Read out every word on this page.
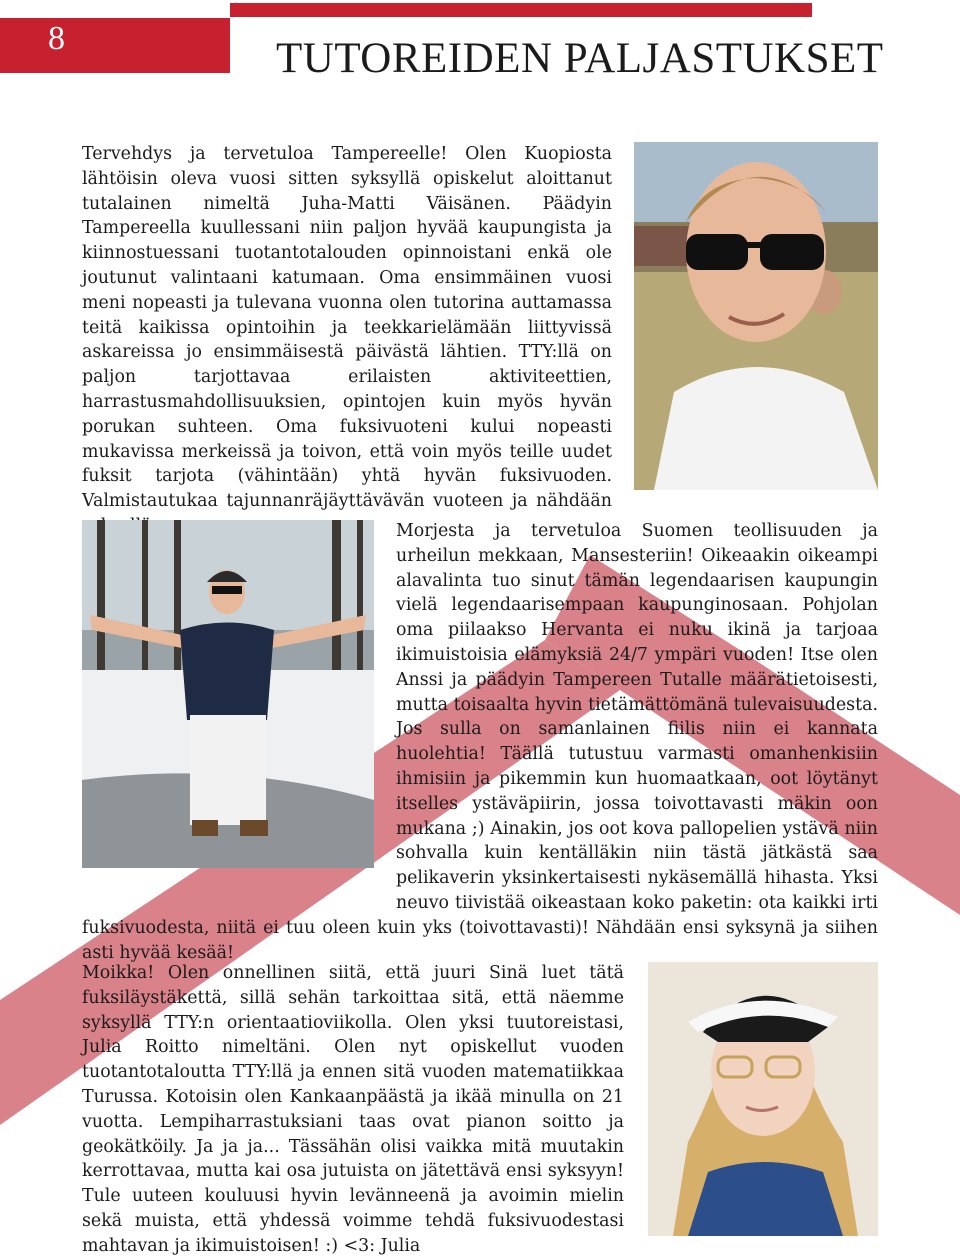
8	TUTOREIDEN PALJASTUKSET

Tervehdys ja tervetuloa Tampereelle! Olen Kuopiosta lähtöisin oleva vuosi sitten syksyllä opiskelut aloittanut tutalainen nimeltä Juha-Matti Väisänen. Päädyin Tampereella kuullessani niin paljon hyvää kaupungista ja kiinnostuessani tuotantotalouden opinnoistani enkä ole joutunut valintaani katumaan. Oma ensimmäinen vuosi meni nopeasti ja tulevana vuonna olen tutorina auttamassa teitä kaikissa opintoihin ja teekkarielämään liittyvissä askareissa jo ensimmäisestä päivästä lähtien. TTY:llä on paljon tarjottavaa erilaisten aktiviteettien, harrastusmahdollisuuksien, opintojen kuin myös hyvän porukan suhteen. Oma fuksivuoteni kului nopeasti mukavissa merkeissä ja toivon, että voin myös teille uudet fuksit tarjota (vähintään) yhtä hyvän fuksivuoden. Valmistautukaa tajunnanräjäyttävävän vuoteen ja nähdään

Morjesta ja tervetuloa Suomen teollisuuden ja urheilun mekkaan, Mansesteriin! Oikeaakin oikeampi alavalinta tuo sinut tämän legendaarisen kaupungin vielä legendaarisempaan kaupunginosaan. Pohjolan oma piilaakso Hervanta ei nuku ikinä ja tarjoaa ikimuistoisia elämyksiä 24/7 ympäri vuoden! Itse olen Anssi ja päädyin Tampereen Tutalle määrätietoisesti, mutta toisaalta hyvin tietämättömänä tulevaisuudesta. Jos sulla on samanlainen fiilis niin ei kannata huolehtia! Täällä tutustuu varmasti omanhenkisiin ihmisiin ja pikemmin kun huomaatkaan, oot löytänyt itselles ystäväpiirin, jossa toivottavasti mäkin oon mukana ;) Ainakin, jos oot kova pallopelien ystävä niin sohvalla kuin kentälläkin niin tästä jätkästä saa pelikaverin yksinkertaisesti nykäsemällä hihasta. Yksi neuvo tiivistää oikeastaan koko paketin: ota kaikki irti fuksivuodesta, niitä ei tuu oleen kuin yks (toivottavasti)! Nähdään ensi syksynä ja siihen asti hyvää kesää!

Moikka! Olen onnellinen siitä, että juuri Sinä luet tätä fuksiläystäkettä, sillä sehän tarkoittaa sitä, että näemme syksyllä TTY:n orientaatioviikolla. Olen yksi tuutoreistasi, Julia Roitto nimeltäni. Olen nyt opiskellut vuoden tuotantotaloutta TTY:llä ja ennen sitä vuoden matematiikkaa Turussa. Kotoisin olen Kankaanpäästä ja ikää minulla on 21 vuotta. Lempiharrastuksiani taas ovat pianon soitto ja geokätköily. Ja ja ja... Tässähän olisi vaikka mitä muutakin kerrottavaa, mutta kai osa jutuista on jätettävä ensi syksyyn! Tule uuteen kouluusi hyvin levänneenä ja avoimin mielin sekä muista, että yhdessä voimme tehdä fuksivuodestasi mahtavan ja ikimuistoisen! :) <3: Julia
